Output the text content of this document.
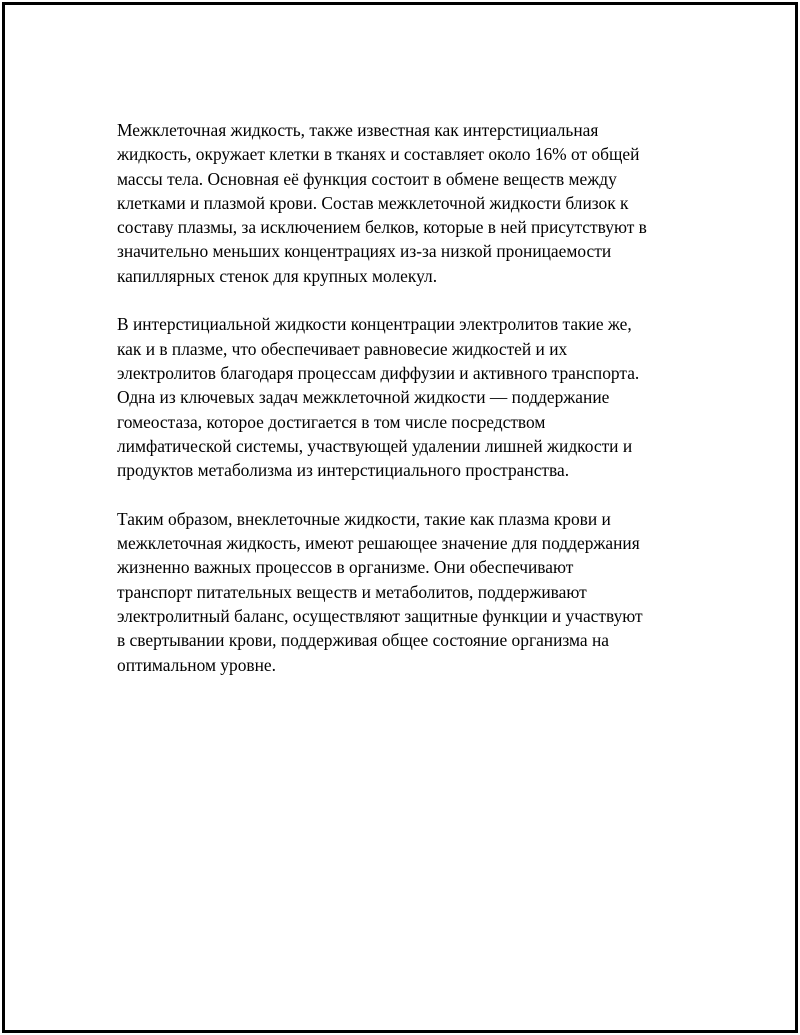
Межклеточная жидкость, также известная как интерстициальная
жидкость, окружает клетки в тканях и составляет около 16% от общей
массы тела. Основная её функция состоит в обмене веществ между
клетками и плазмой крови. Состав межклеточной жидкости близок к
составу плазмы, за исключением белков, которые в ней присутствуют в
значительно меньших концентрациях из-за низкой проницаемости
капиллярных стенок для крупных молекул.

В интерстициальной жидкости концентрации электролитов такие же,
как и в плазме, что обеспечивает равновесие жидкостей и их
электролитов благодаря процессам диффузии и активного транспорта.
Одна из ключевых задач межклеточной жидкости — поддержание
гомеостаза, которое достигается в том числе посредством
лимфатической системы, участвующей удалении лишней жидкости и
продуктов метаболизма из интерстициального пространства.

Таким образом, внеклеточные жидкости, такие как плазма крови и
межклеточная жидкость, имеют решающее значение для поддержания
жизненно важных процессов в организме. Они обеспечивают
транспорт питательных веществ и метаболитов, поддерживают
электролитный баланс, осуществляют защитные функции и участвуют
в свертывании крови, поддерживая общее состояние организма на
оптимальном уровне.
